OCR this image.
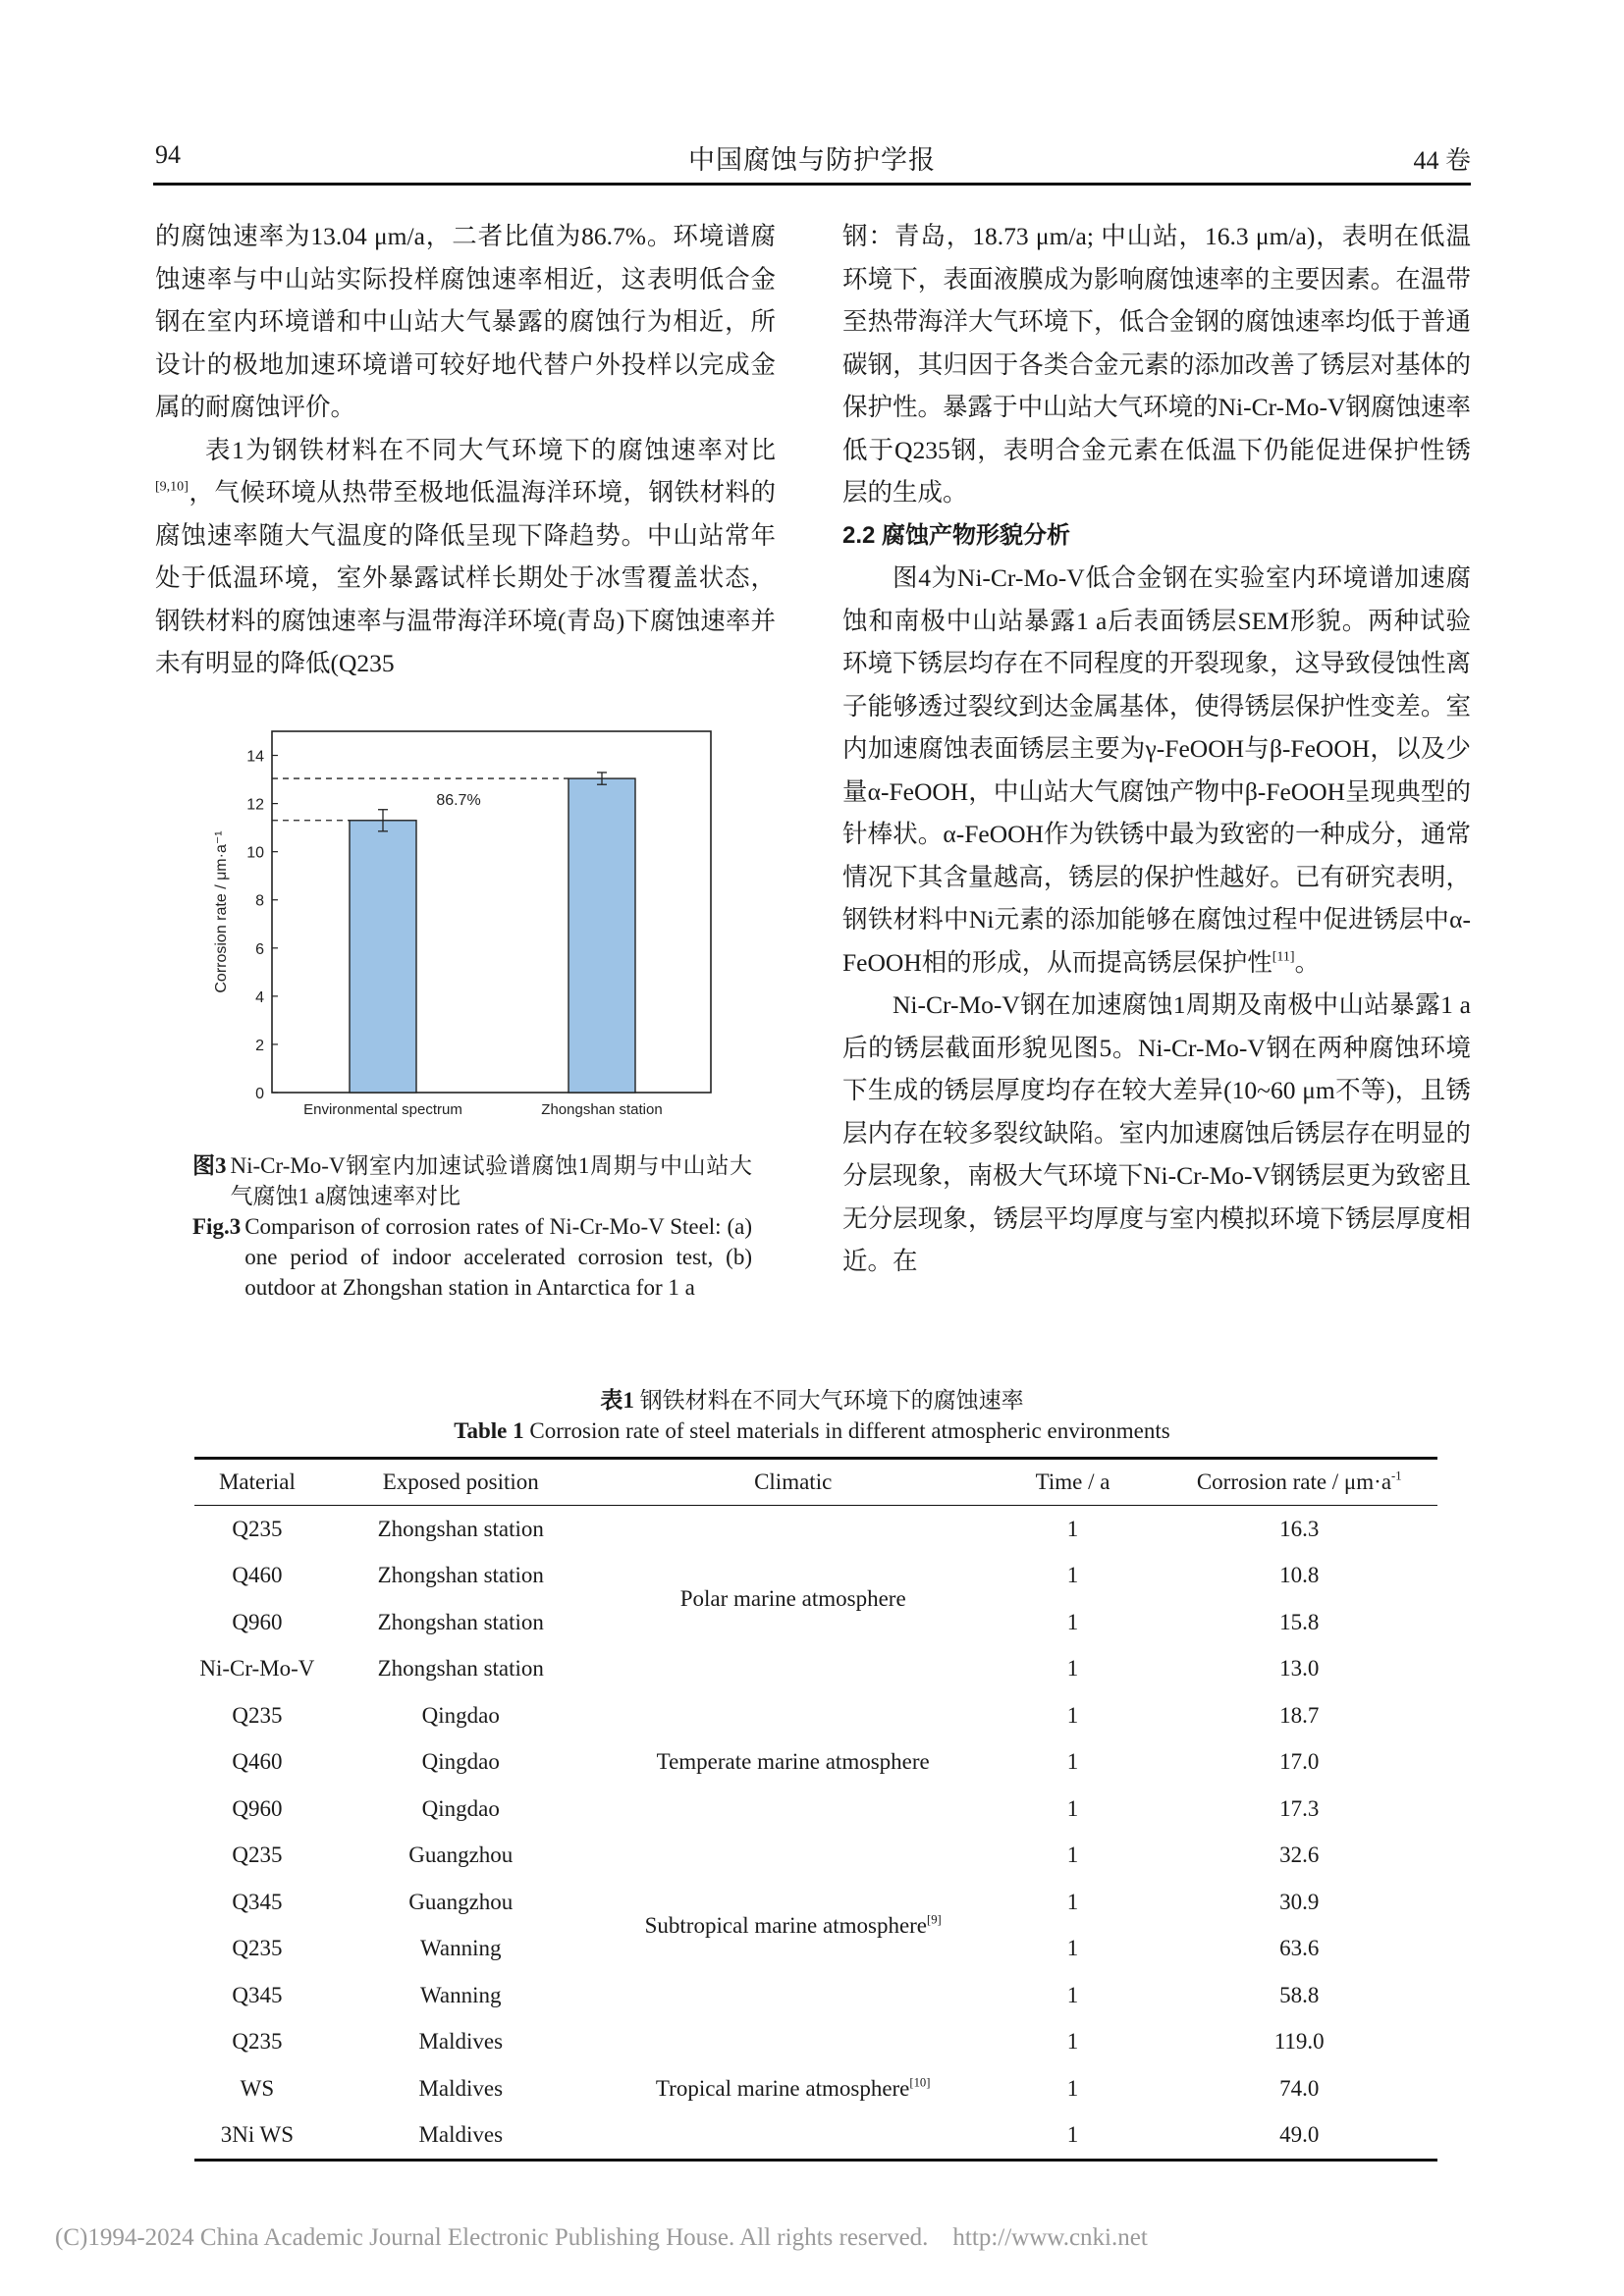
94	中国腐蚀与防护学报	44 卷

的腐蚀速率为13.04 μm/a，二者比值为86.7%。环境谱腐蚀速率与中山站实际投样腐蚀速率相近，这表明低合金钢在室内环境谱和中山站大气暴露的腐蚀行为相近，所设计的极地加速环境谱可较好地代替户外投样以完成金属的耐腐蚀评价。

表1为钢铁材料在不同大气环境下的腐蚀速率对比[9,10]，气候环境从热带至极地低温海洋环境，钢铁材料的腐蚀速率随大气温度的降低呈现下降趋势。中山站常年处于低温环境，室外暴露试样长期处于冰雪覆盖状态，钢铁材料的腐蚀速率与温带海洋环境(青岛)下腐蚀速率并未有明显的降低(Q235

钢：青岛，18.73 μm/a; 中山站，16.3 μm/a)，表明在低温环境下，表面液膜成为影响腐蚀速率的主要因素。在温带至热带海洋大气环境下，低合金钢的腐蚀速率均低于普通碳钢，其归因于各类合金元素的添加改善了锈层对基体的保护性。暴露于中山站大气环境的Ni-Cr-Mo-V钢腐蚀速率低于Q235钢，表明合金元素在低温下仍能促进保护性锈层的生成。

2.2 腐蚀产物形貌分析

图4为Ni-Cr-Mo-V低合金钢在实验室内环境谱加速腐蚀和南极中山站暴露1 a后表面锈层SEM形貌。两种试验环境下锈层均存在不同程度的开裂现象，这导致侵蚀性离子能够透过裂纹到达金属基体，使得锈层保护性变差。室内加速腐蚀表面锈层主要为γ-FeOOH与β-FeOOH，以及少量α-FeOOH，中山站大气腐蚀产物中β-FeOOH呈现典型的针棒状。α-FeOOH作为铁锈中最为致密的一种成分，通常情况下其含量越高，锈层的保护性越好。已有研究表明，钢铁材料中Ni元素的添加能够在腐蚀过程中促进锈层中α-FeOOH相的形成，从而提高锈层保护性[11]。

Ni-Cr-Mo-V钢在加速腐蚀1周期及南极中山站暴露1 a后的锈层截面形貌见图5。Ni-Cr-Mo-V钢在两种腐蚀环境下生成的锈层厚度均存在较大差异(10~60 μm不等)，且锈层内存在较多裂纹缺陷。室内加速腐蚀后锈层存在明显的分层现象，南极大气环境下Ni-Cr-Mo-V钢锈层更为致密且无分层现象，锈层平均厚度与室内模拟环境下锈层厚度相近。在

0
2
4
6
8
10
12
14
Corrosion rate / μm·a⁻¹
Environmental spectrum	Zhongshan station
86.7%
图3 Ni-Cr-Mo-V钢室内加速试验谱腐蚀1周期与中山站大气腐蚀1 a腐蚀速率对比
Fig.3 Comparison of corrosion rates of Ni-Cr-Mo-V Steel: (a) one period of indoor accelerated corrosion test, (b) outdoor at Zhongshan station in Antarctica for 1 a
表1 钢铁材料在不同大气环境下的腐蚀速率
Table 1 Corrosion rate of steel materials in different atmospheric environments
Material	Exposed position	Climatic	Time / a	Corrosion rate / $\mu m\cdot a^{-1}$
Q235	Zhongshan station	Polar marine atmosphere	1	16.3
Q460	Zhongshan station		1	10.8
Q960	Zhongshan station		1	15.8
Ni-Cr-Mo-V	Zhongshan station		1	13.0
Q235	Qingdao	Temperate marine atmosphere	1	18.7
Q460	Qingdao		1	17.0
Q960	Qingdao		1	17.3
Q235	Guangzhou	Subtropical marine atmosphere[9]	1	32.6
Q345	Guangzhou		1	30.9
Q235	Wanning		1	63.6
Q345	Wanning		1	58.8
Q235	Maldives	Tropical marine atmosphere[10]	1	119.0
WS	Maldives		1	74.0
3Ni WS	Maldives		1	49.0
(C)1994-2024 China Academic Journal Electronic Publishing House. All rights reserved. http://www.cnki.net
